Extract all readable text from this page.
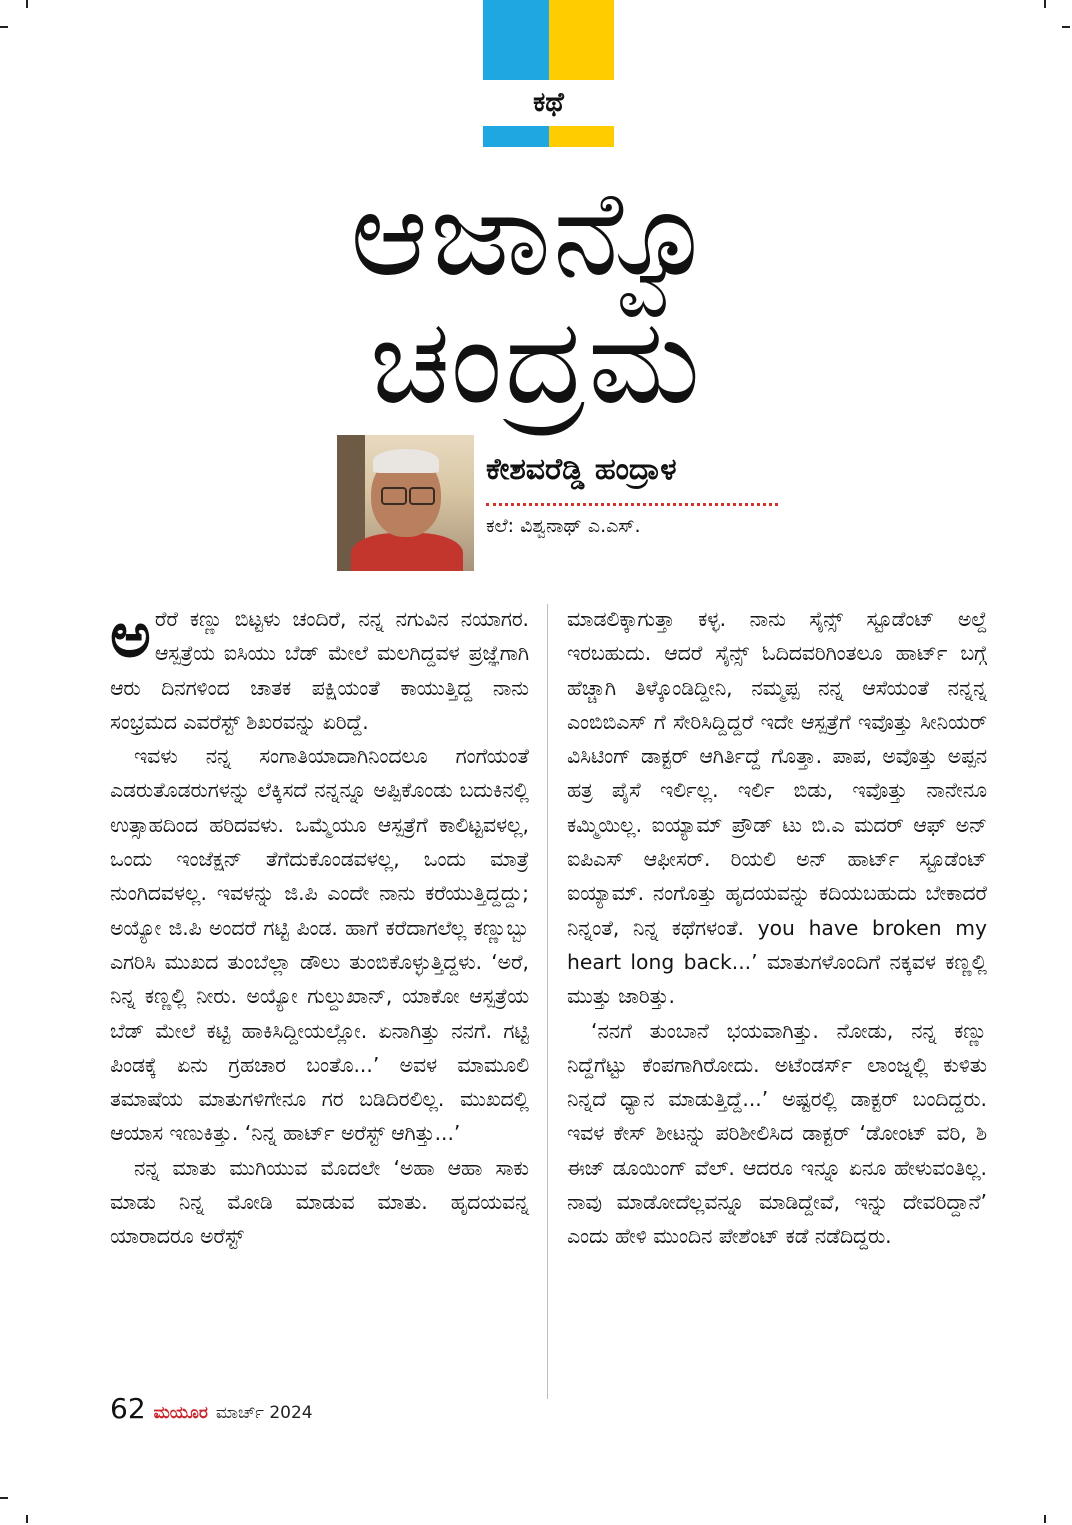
ಕಥೆ
ಆಜಾನ್ವೊ
ಚಂದ್ರಮ
ಕೇಶವರೆಡ್ಡಿ ಹಂದ್ರಾಳ
ಕಲೆ: ವಿಶ್ವನಾಥ್ ಎ.ಎಸ್.

ಅರೆರೆ ಕಣ್ಣು ಬಿಟ್ಟಳು ಚಂದಿರೆ, ನನ್ನ ನಗುವಿನ ನಯಾಗರ. ಆಸ್ಪತ್ರೆಯ ಐಸಿಯು ಬೆಡ್ ಮೇಲೆ ಮಲಗಿದ್ದವಳ ಪ್ರಜ್ಞೆಗಾಗಿ ಆರು ದಿನಗಳಿಂದ ಚಾತಕ ಪಕ್ಷಿಯಂತೆ ಕಾಯುತ್ತಿದ್ದ ನಾನು ಸಂಭ್ರಮದ ಎವರೆಸ್ಟ್ ಶಿಖರವನ್ನು ಏರಿದ್ದೆ.

ಇವಳು ನನ್ನ ಸಂಗಾತಿಯಾದಾಗಿನಿಂದಲೂ ಗಂಗೆಯಂತೆ ಎಡರುತೊಡರುಗಳನ್ನು ಲೆಕ್ಕಿಸದೆ ನನ್ನನ್ನೂ ಅಪ್ಪಿಕೊಂಡು ಬದುಕಿನಲ್ಲಿ ಉತ್ಸಾಹದಿಂದ ಹರಿದವಳು. ಒಮ್ಮೆಯೂ ಆಸ್ಪತ್ರೆಗೆ ಕಾಲಿಟ್ಟವಳಲ್ಲ, ಒಂದು ಇಂಜೆಕ್ಷನ್ ತೆಗೆದುಕೊಂಡವಳಲ್ಲ, ಒಂದು ಮಾತ್ರೆ ನುಂಗಿದವಳಲ್ಲ. ಇವಳನ್ನು ಜಿ.ಪಿ ಎಂದೇ ನಾನು ಕರೆಯುತ್ತಿದ್ದದ್ದು; ಅಯ್ಯೋ ಜಿ.ಪಿ ಅಂದರೆ ಗಟ್ಟಿ ಪಿಂಡ. ಹಾಗೆ ಕರೆದಾಗಲೆಲ್ಲ ಕಣ್ಣುಬ್ಬು ಎಗರಿಸಿ ಮುಖದ ತುಂಬೆಲ್ಲಾ ಡೌಲು ತುಂಬಿಕೊಳ್ಳುತ್ತಿದ್ದಳು. ‘ಅರೆ, ನಿನ್ನ ಕಣ್ಣಲ್ಲಿ ನೀರು. ಅಯ್ಯೋ ಗುಲ್ದುಖಾನ್, ಯಾಕೋ ಆಸ್ಪತ್ರೆಯ ಬೆಡ್ ಮೇಲೆ ಕಟ್ಟಿ ಹಾಕಿಸಿದ್ದೀಯಲ್ಲೋ. ಏನಾಗಿತ್ತು ನನಗೆ. ಗಟ್ಟಿ ಪಿಂಡಕ್ಕೆ ಏನು ಗ್ರಹಚಾರ ಬಂತೊ...’ ಅವಳ ಮಾಮೂಲಿ ತಮಾಷೆಯ ಮಾತುಗಳಿಗೇನೂ ಗರ ಬಡಿದಿರಲಿಲ್ಲ. ಮುಖದಲ್ಲಿ ಆಯಾಸ ಇಣುಕಿತ್ತು. ‘ನಿನ್ನ ಹಾರ್ಟ್ ಅರೆಸ್ಟ್ ಆಗಿತ್ತು...’

ನನ್ನ ಮಾತು ಮುಗಿಯುವ ಮೊದಲೇ ‘ಅಹಾ ಆಹಾ ಸಾಕು ಮಾಡು ನಿನ್ನ ಮೋಡಿ ಮಾಡುವ ಮಾತು. ಹೃದಯವನ್ನ ಯಾರಾದರೂ ಅರೆಸ್ಟ್

ಮಾಡಲಿಕ್ಕಾಗುತ್ತಾ ಕಳ್ಳ. ನಾನು ಸೈನ್ಸ್ ಸ್ಟೂಡೆಂಟ್ ಅಲ್ದೆ ಇರಬಹುದು. ಆದರೆ ಸೈನ್ಸ್ ಓದಿದವರಿಗಿಂತಲೂ ಹಾರ್ಟ್ ಬಗ್ಗೆ ಹೆಚ್ಚಾಗಿ ತಿಳ್ಕೊಂಡಿದ್ದೀನಿ, ನಮ್ಮಪ್ಪ ನನ್ನ ಆಸೆಯಂತೆ ನನ್ನನ್ನ ಎಂಬಿಬಿಎಸ್ ಗೆ ಸೇರಿಸಿದ್ದಿದ್ದರೆ ಇದೇ ಆಸ್ಪತ್ರೆಗೆ ಇವೊತ್ತು ಸೀನಿಯರ್ ವಿಸಿಟಿಂಗ್ ಡಾಕ್ಟರ್ ಆಗಿರ್ತಿದ್ದೆ ಗೊತ್ತಾ. ಪಾಪ, ಅವೊತ್ತು ಅಪ್ಪನ ಹತ್ರ ಪೈಸೆ ಇರ್ಲಿಲ್ಲ. ಇರ್ಲಿ ಬಿಡು, ಇವೊತ್ತು ನಾನೇನೂ ಕಮ್ಮಿಯಿಲ್ಲ. ಐಯ್ಯಾಮ್ ಪ್ರೌಡ್ ಟು ಬಿ.ಎ ಮದರ್ ಆಫ್ ಅನ್ ಐಪಿಎಸ್ ಆಫೀಸರ್. ರಿಯಲಿ ಅನ್ ಹಾರ್ಟ್ ಸ್ಟೂಡೆಂಟ್ ಐಯ್ಯಾಮ್. ನಂಗೊತ್ತು ಹೃದಯವನ್ನು ಕದಿಯಬಹುದು ಬೇಕಾದರೆ ನಿನ್ನಂತೆ, ನಿನ್ನ ಕಥೆಗಳಂತೆ. you have broken my heart long back...’ ಮಾತುಗಳೊಂದಿಗೆ ನಕ್ಕವಳ ಕಣ್ಣಲ್ಲಿ ಮುತ್ತು ಜಾರಿತ್ತು.

‘ನನಗೆ ತುಂಬಾನೆ ಭಯವಾಗಿತ್ತು. ನೋಡು, ನನ್ನ ಕಣ್ಣು ನಿದ್ದೆಗೆಟ್ಟು ಕೆಂಪಗಾಗಿರೋದು. ಅಟೆಂಡರ್ಸ್ ಲಾಂಜ್ನಲ್ಲಿ ಕುಳಿತು ನಿನ್ನದೆ ಧ್ಯಾನ ಮಾಡುತ್ತಿದ್ದೆ...’ ಅಷ್ಟರಲ್ಲಿ ಡಾಕ್ಟರ್ ಬಂದಿದ್ದರು. ಇವಳ ಕೇಸ್ ಶೀಟನ್ನು ಪರಿಶೀಲಿಸಿದ ಡಾಕ್ಟರ್ ‘ಡೋಂಟ್ ವರಿ, ಶಿ ಈಜ್ ಡೂಯಿಂಗ್ ವೆಲ್. ಆದರೂ ಇನ್ನೂ ಏನೂ ಹೇಳುವಂತಿಲ್ಲ. ನಾವು ಮಾಡೋದೆಲ್ಲವನ್ನೂ ಮಾಡಿದ್ದೇವೆ, ಇನ್ನು ದೇವರಿದ್ದಾನೆ’ ಎಂದು ಹೇಳಿ ಮುಂದಿನ ಪೇಶೆಂಟ್ ಕಡೆ ನಡೆದಿದ್ದರು.

62 ಮಯೂರ ಮಾರ್ಚ್ 2024
